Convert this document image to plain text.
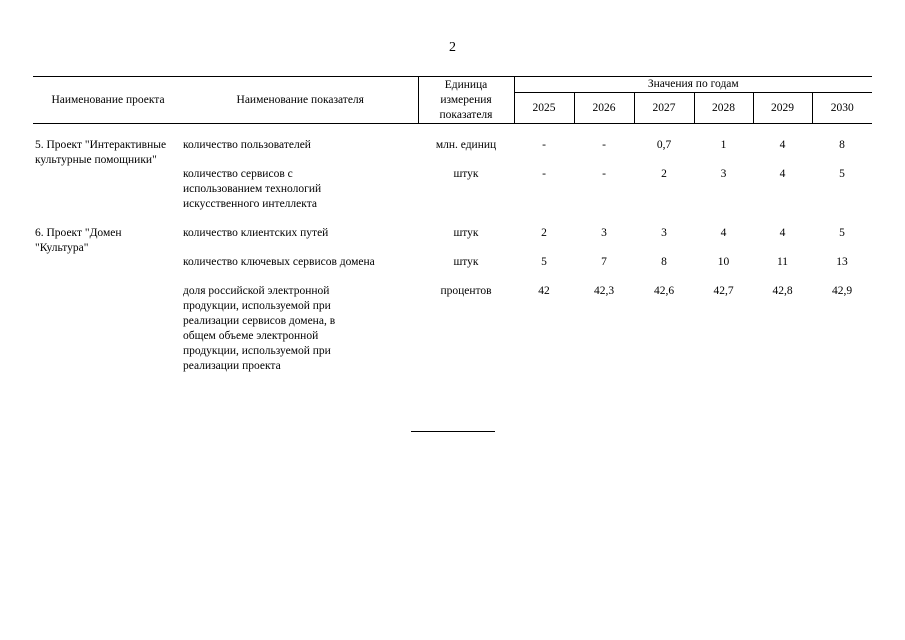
2
Наименование проекта	Наименование показателя	Единица измерения показателя	Значения по годам					
			2025	2026	2027	2028	2029	2030

5. Проект "Интерактивные культурные помощники"	количество пользователей	млн. единиц	-	-	0,7	1	4	8

	количество сервисов с использованием технологий искусственного интеллекта	штук	-	-	2	3	4	5

6. Проект "Домен "Культура"	количество клиентских путей	штук	2	3	3	4	4	5

	количество ключевых сервисов домена	штук	5	7	8	10	11	13

	доля российской электронной продукции, используемой при реализации сервисов домена, в общем объеме электронной продукции, используемой при реализации проекта	процентов	42	42,3	42,6	42,7	42,8	42,9
